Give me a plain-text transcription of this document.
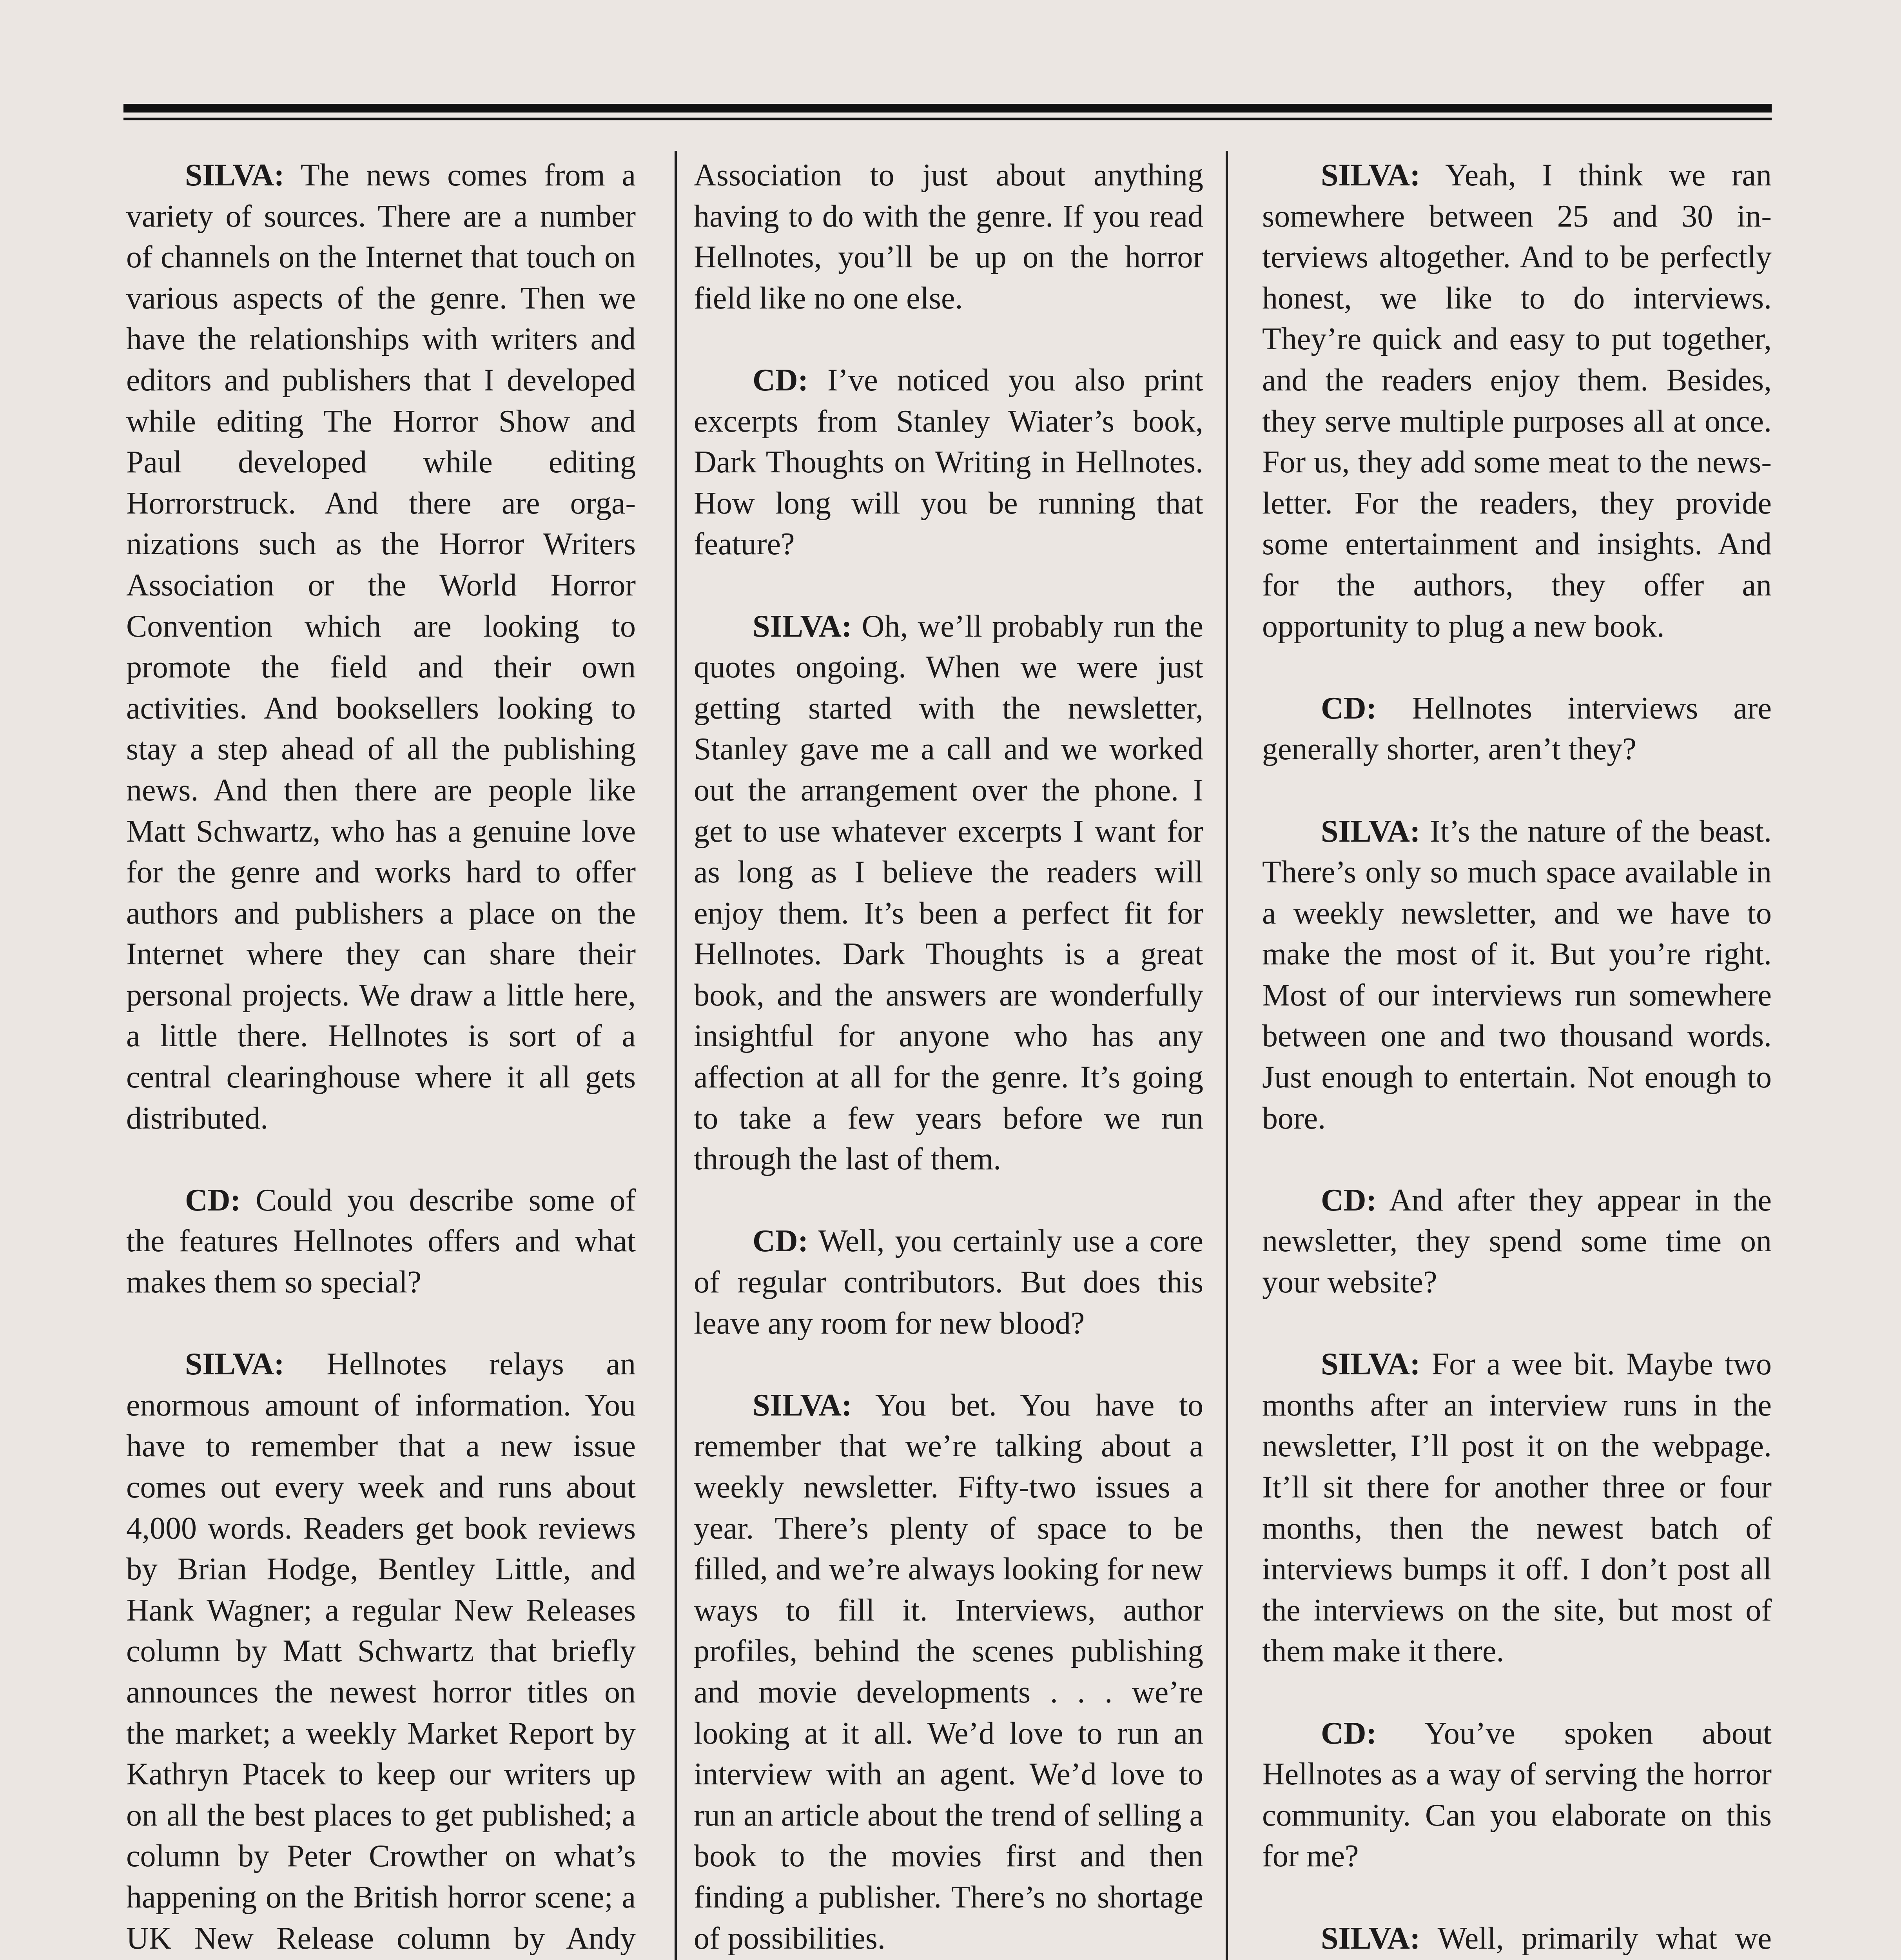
SILVA: The news comes from a variety of sources. There are a number of channels on the Internet that touch on various aspects of the genre. Then we have the relationships with writers and editors and publishers that I developed while editing The Horror Show and Paul developed while editing Horrorstruck. And there are organizations such as the Horror Writers Association or the World Horror Convention which are looking to promote the field and their own activities. And booksellers looking to stay a step ahead of all the publishing news. And then there are people like Matt Schwartz, who has a genuine love for the genre and works hard to offer authors and publishers a place on the Internet where they can share their personal projects. We draw a little here, a little there. Hellnotes is sort of a central clearinghouse where it all gets distributed.

CD: Could you describe some of the features Hellnotes offers and what makes them so special?

SILVA: Hellnotes relays an enormous amount of information. You have to remember that a new issue comes out every week and runs about 4,000 words. Readers get book reviews by Brian Hodge, Bentley Little, and Hank Wagner; a regular New Releases column by Matt Schwartz that briefly announces the newest horror titles on the market; a weekly Market Report by Kathryn Ptacek to keep our writers up on all the best places to get published; a column by Peter Crowther on what’s happening on the British horror scene; a UK New Release column by Andy

Association to just about anything having to do with the genre. If you read Hellnotes, you’ll be up on the horror field like no one else.

CD: I’ve noticed you also print excerpts from Stanley Wiater’s book, Dark Thoughts on Writing in Hellnotes. How long will you be running that feature?

SILVA: Oh, we’ll probably run the quotes ongoing. When we were just getting started with the newsletter, Stanley gave me a call and we worked out the arrangement over the phone. I get to use whatever excerpts I want for as long as I believe the readers will enjoy them. It’s been a perfect fit for Hellnotes. Dark Thoughts is a great book, and the answers are wonderfully insightful for anyone who has any affection at all for the genre. It’s going to take a few years before we run through the last of them.

CD: Well, you certainly use a core of regular contributors. But does this leave any room for new blood?

SILVA: You bet. You have to remember that we’re talking about a weekly newsletter. Fifty-two issues a year. There’s plenty of space to be filled, and we’re always looking for new ways to fill it. Interviews, author profiles, behind the scenes publishing and movie developments . . . we’re looking at it all. We’d love to run an interview with an agent. We’d love to run an article about the trend of selling a book to the movies first and then finding a publisher. There’s no shortage of possibilities.

SILVA: Yeah, I think we ran somewhere between 25 and 30 interviews altogether. And to be perfectly honest, we like to do interviews. They’re quick and easy to put together, and the readers enjoy them. Besides, they serve multiple purposes all at once. For us, they add some meat to the newsletter. For the readers, they provide some entertainment and insights. And for the authors, they offer an opportunity to plug a new book.

CD: Hellnotes interviews are generally shorter, aren’t they?

SILVA: It’s the nature of the beast. There’s only so much space available in a weekly newsletter, and we have to make the most of it. But you’re right. Most of our interviews run somewhere between one and two thousand words. Just enough to entertain. Not enough to bore.

CD: And after they appear in the newsletter, they spend some time on your website?

SILVA: For a wee bit. Maybe two months after an interview runs in the newsletter, I’ll post it on the webpage. It’ll sit there for another three or four months, then the newest batch of interviews bumps it off. I don’t post all the interviews on the site, but most of them make it there.

CD: You’ve spoken about Hellnotes as a way of serving the horror community. Can you elaborate on this for me?

SILVA: Well, primarily what we
